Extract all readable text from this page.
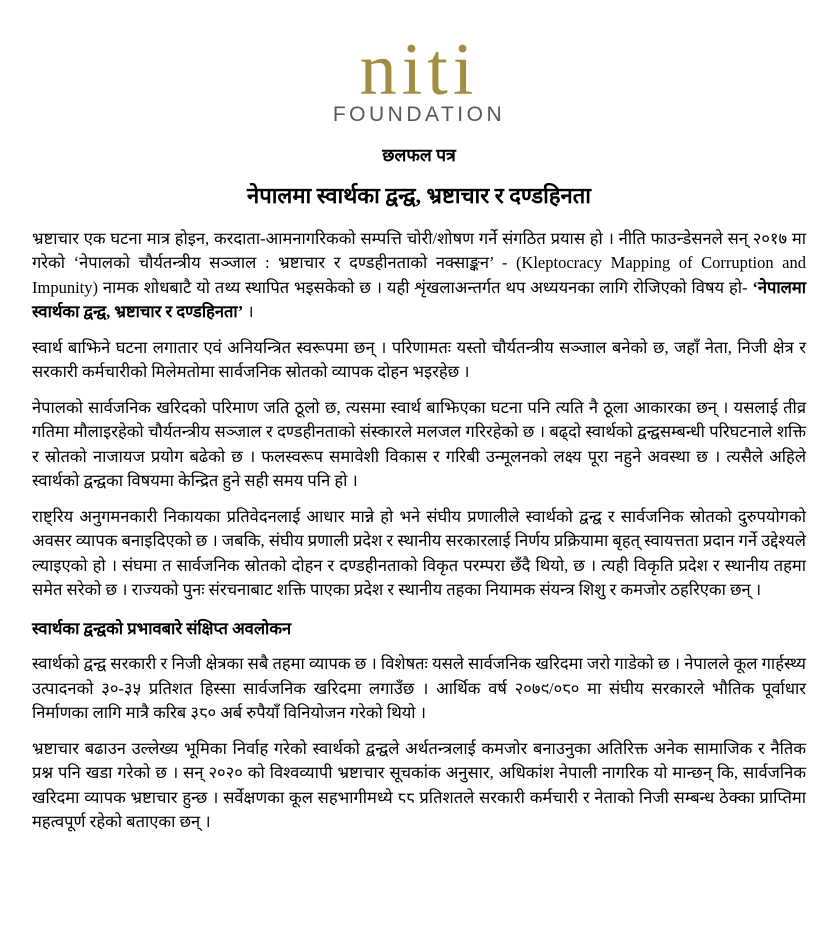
niti
FOUNDATION
छलफल पत्र
नेपालमा स्वार्थका द्वन्द्व, भ्रष्टाचार र दण्डहिनता

भ्रष्टाचार एक घटना मात्र होइन, करदाता-आमनागरिकको सम्पत्ति चोरी/शोषण गर्ने संगठित प्रयास हो । नीति फाउन्डेसनले सन् २०१७ मा गरेको ‘नेपालको चौर्यतन्त्रीय सञ्जाल : भ्रष्टाचार र दण्डहीनताको नक्साङ्कन’ - (Kleptocracy Mapping of Corruption and Impunity) नामक शोधबाटै यो तथ्य स्थापित भइसकेको छ । यही शृंखलाअन्तर्गत थप अध्ययनका लागि रोजिएको विषय हो- ‘नेपालमा स्वार्थका द्वन्द्व, भ्रष्टाचार र दण्डहिनता’ ।

स्वार्थ बाझिने घटना लगातार एवं अनियन्त्रित स्वरूपमा छन् । परिणामतः यस्तो चौर्यतन्त्रीय सञ्जाल बनेको छ, जहाँ नेता, निजी क्षेत्र र सरकारी कर्मचारीको मिलेमतोमा सार्वजनिक स्रोतको व्यापक दोहन भइरहेछ ।

नेपालको सार्वजनिक खरिदको परिमाण जति ठूलो छ, त्यसमा स्वार्थ बाझिएका घटना पनि त्यति नै ठूला आकारका छन् । यसलाई तीव्र गतिमा मौलाइरहेको चौर्यतन्त्रीय सञ्जाल र दण्डहीनताको संस्कारले मलजल गरिरहेको छ । बढ्दो स्वार्थको द्वन्द्वसम्बन्धी परिघटनाले शक्ति र स्रोतको नाजायज प्रयोग बढेको छ । फलस्वरूप समावेशी विकास र गरिबी उन्मूलनको लक्ष्य पूरा नहुने अवस्था छ । त्यसैले अहिले स्वार्थको द्वन्द्वका विषयमा केन्द्रित हुने सही समय पनि हो ।

राष्ट्रिय अनुगमनकारी निकायका प्रतिवेदनलाई आधार मान्ने हो भने संघीय प्रणालीले स्वार्थको द्वन्द्व र सार्वजनिक स्रोतको दुरुपयोगको अवसर व्यापक बनाइदिएको छ । जबकि, संघीय प्रणाली प्रदेश र स्थानीय सरकारलाई निर्णय प्रक्रियामा बृहत् स्वायत्तता प्रदान गर्ने उद्देश्यले ल्याइएको हो । संघमा त सार्वजनिक स्रोतको दोहन र दण्डहीनताको विकृत परम्परा छँदै थियो, छ । त्यही विकृति प्रदेश र स्थानीय तहमा समेत सरेको छ । राज्यको पुनः संरचनाबाट शक्ति पाएका प्रदेश र स्थानीय तहका नियामक संयन्त्र शिशु र कमजोर ठहरिएका छन् ।

स्वार्थका द्वन्द्वको प्रभावबारे संक्षिप्त अवलोकन

स्वार्थको द्वन्द्व सरकारी र निजी क्षेत्रका सबै तहमा व्यापक छ । विशेषतः यसले सार्वजनिक खरिदमा जरो गाडेको छ । नेपालले कूल गार्हस्थ्य उत्पादनको ३०-३५ प्रतिशत हिस्सा सार्वजनिक खरिदमा लगाउँछ । आर्थिक वर्ष २०७९/०८० मा संघीय सरकारले भौतिक पूर्वाधार निर्माणका लागि मात्रै करिब ३८० अर्ब रुपैयाँ विनियोजन गरेको थियो ।

भ्रष्टाचार बढाउन उल्लेख्य भूमिका निर्वाह गरेको स्वार्थको द्वन्द्वले अर्थतन्त्रलाई कमजोर बनाउनुका अतिरिक्त अनेक सामाजिक र नैतिक प्रश्न पनि खडा गरेको छ । सन् २०२० को विश्वव्यापी भ्रष्टाचार सूचकांक अनुसार, अधिकांश नेपाली नागरिक यो मान्छन् कि, सार्वजनिक खरिदमा व्यापक भ्रष्टाचार हुन्छ । सर्वेक्षणका कूल सहभागीमध्ये ८८ प्रतिशतले सरकारी कर्मचारी र नेताको निजी सम्बन्ध ठेक्का प्राप्तिमा महत्वपूर्ण रहेको बताएका छन् ।
